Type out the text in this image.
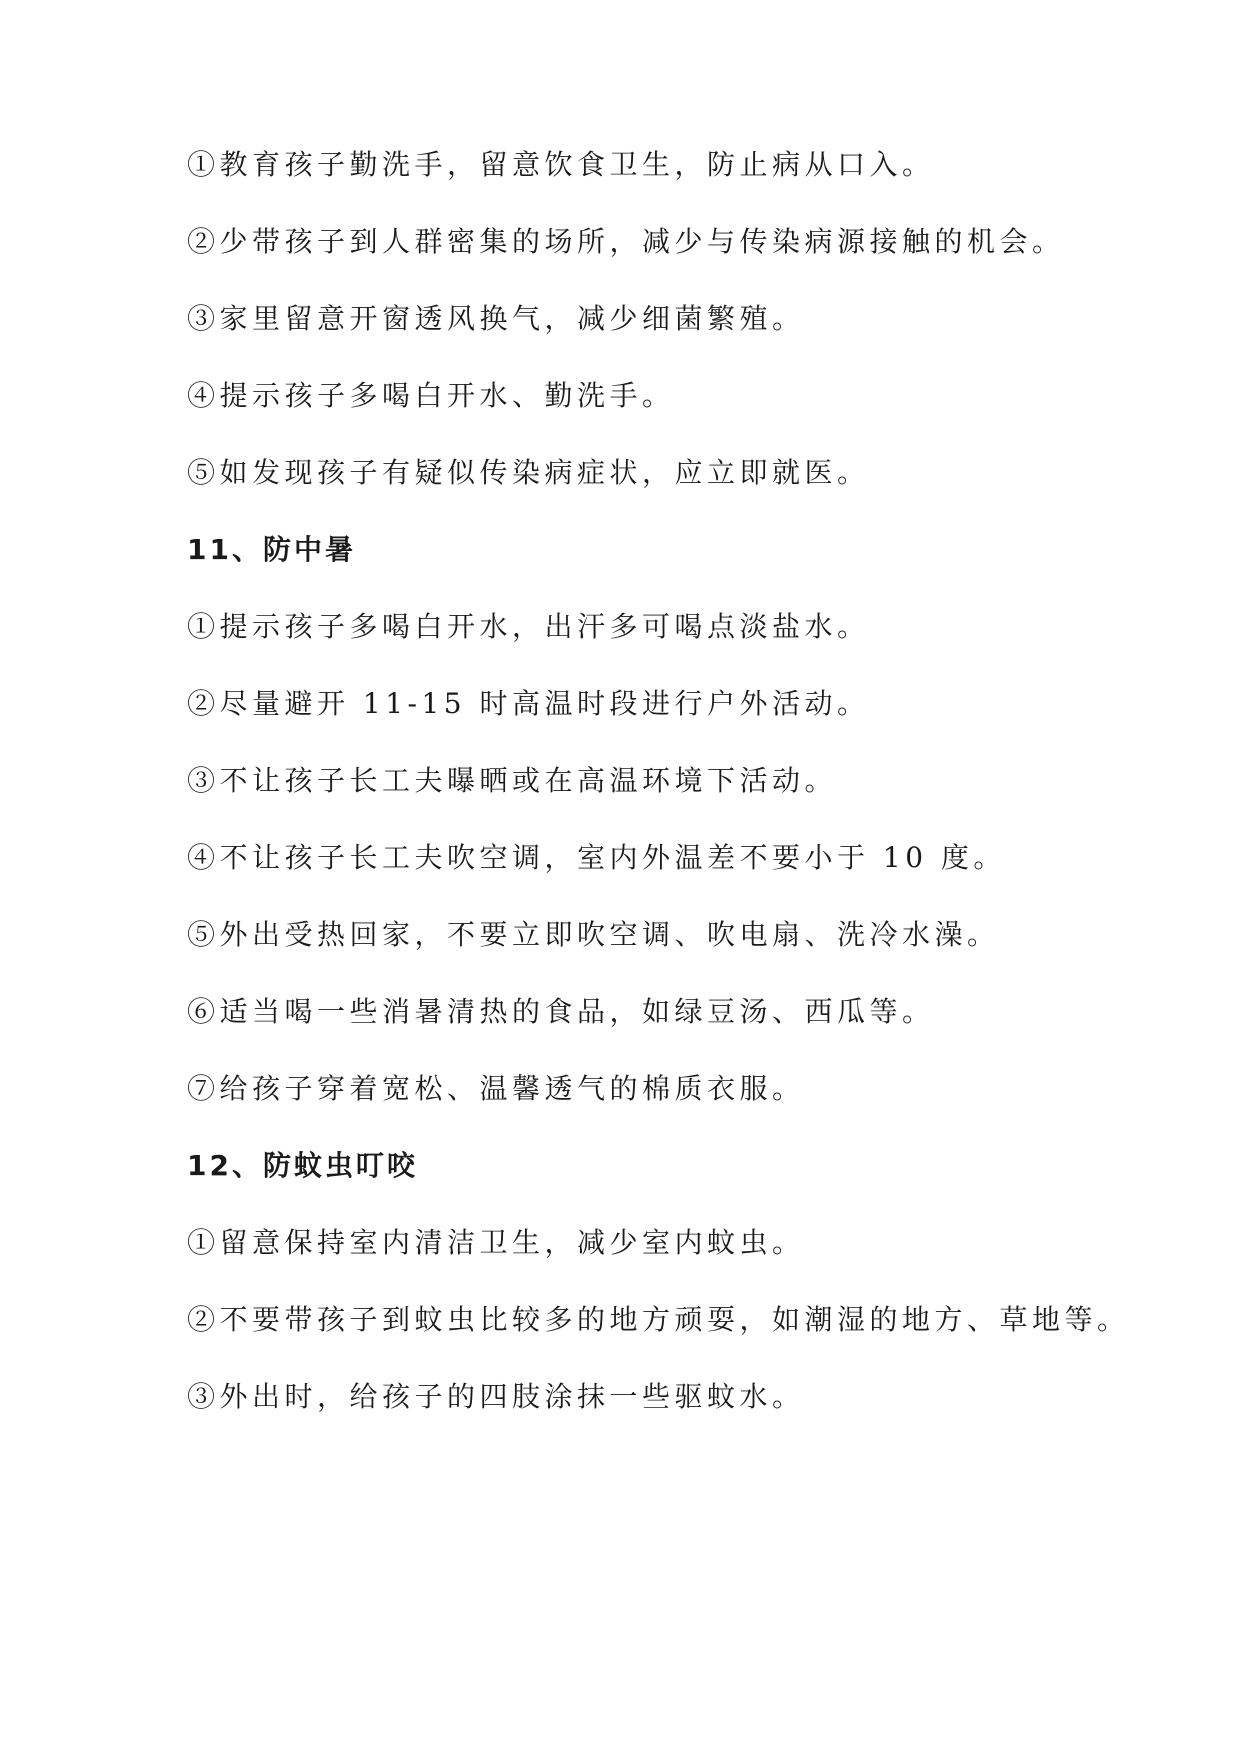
①教育孩子勤洗手，留意饮食卫生，防止病从口入。
②少带孩子到人群密集的场所，减少与传染病源接触的机会。
③家里留意开窗透风换气，减少细菌繁殖。
④提示孩子多喝白开水、勤洗手。
⑤如发现孩子有疑似传染病症状，应立即就医。
11、防中暑
①提示孩子多喝白开水，出汗多可喝点淡盐水。
②尽量避开 11-15 时高温时段进行户外活动。
③不让孩子长工夫曝晒或在高温环境下活动。
④不让孩子长工夫吹空调，室内外温差不要小于 10 度。
⑤外出受热回家，不要立即吹空调、吹电扇、洗冷水澡。
⑥适当喝一些消暑清热的食品，如绿豆汤、西瓜等。
⑦给孩子穿着宽松、温馨透气的棉质衣服。
12、防蚊虫叮咬
①留意保持室内清洁卫生，减少室内蚊虫。
②不要带孩子到蚊虫比较多的地方顽耍，如潮湿的地方、草地等。
③外出时，给孩子的四肢涂抹一些驱蚊水。
